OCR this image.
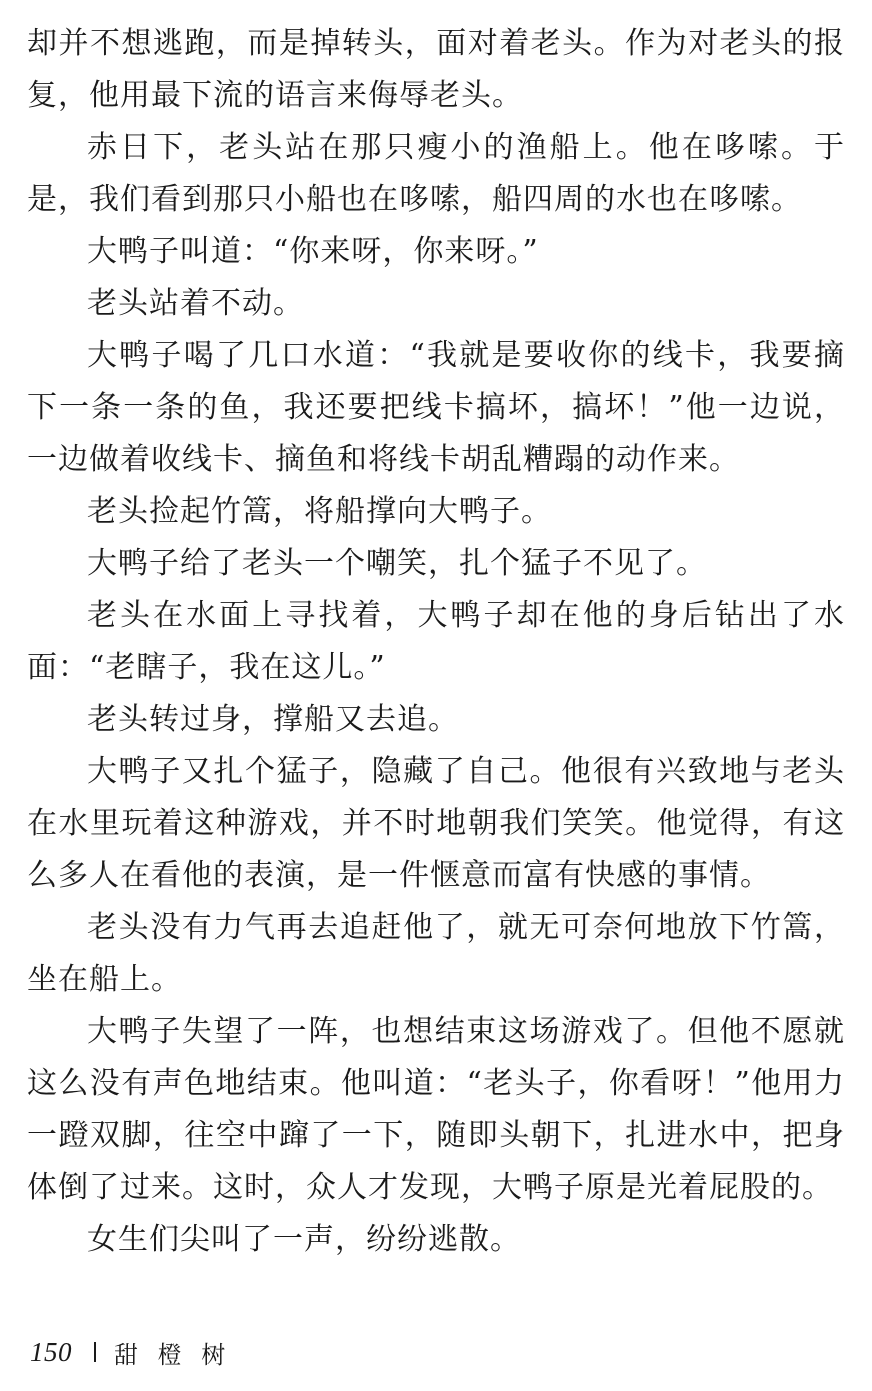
却并不想逃跑，而是掉转头，面对着老头。作为对老头的报复，他用最下流的语言来侮辱老头。

赤日下，老头站在那只瘦小的渔船上。他在哆嗦。于是，我们看到那只小船也在哆嗦，船四周的水也在哆嗦。

大鸭子叫道：“你来呀，你来呀。”

老头站着不动。

大鸭子喝了几口水道：“我就是要收你的线卡，我要摘下一条一条的鱼，我还要把线卡搞坏，搞坏！”他一边说，一边做着收线卡、摘鱼和将线卡胡乱糟蹋的动作来。

老头捡起竹篙，将船撑向大鸭子。

大鸭子给了老头一个嘲笑，扎个猛子不见了。

老头在水面上寻找着，大鸭子却在他的身后钻出了水面：“老瞎子，我在这儿。”

老头转过身，撑船又去追。

大鸭子又扎个猛子，隐藏了自己。他很有兴致地与老头在水里玩着这种游戏，并不时地朝我们笑笑。他觉得，有这么多人在看他的表演，是一件惬意而富有快感的事情。

老头没有力气再去追赶他了，就无可奈何地放下竹篙，坐在船上。

大鸭子失望了一阵，也想结束这场游戏了。但他不愿就这么没有声色地结束。他叫道：“老头子，你看呀！”他用力一蹬双脚，往空中蹿了一下，随即头朝下，扎进水中，把身体倒了过来。这时，众人才发现，大鸭子原是光着屁股的。

女生们尖叫了一声，纷纷逃散。

150 甜 橙 树
